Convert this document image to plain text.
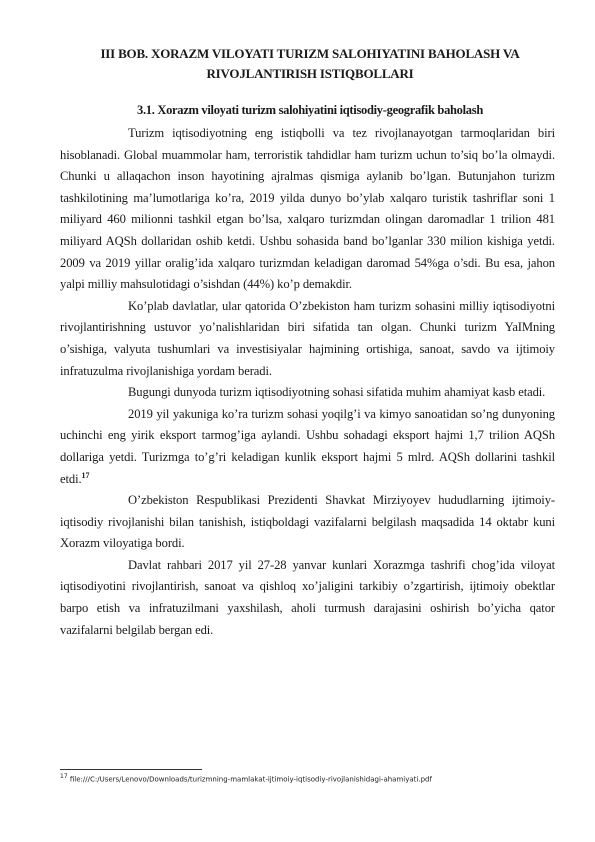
III BOB. XORAZM VILOYATI TURIZM SALOHIYATINI BAHOLASH VA RIVOJLANTIRISH ISTIQBOLLARI
3.1. Xorazm viloyati turizm salohiyatini iqtisodiy-geografik baholash

Turizm iqtisodiyotning eng istiqbolli va tez rivojlanayotgan tarmoqlaridan biri hisoblanadi. Global muammolar ham, terroristik tahdidlar ham turizm uchun to’siq bo’la olmaydi. Chunki u allaqachon inson hayotining ajralmas qismiga aylanib bo’lgan. Butunjahon turizm tashkilotining ma’lumotlariga ko’ra, 2019 yilda dunyo bo’ylab xalqaro turistik tashriflar soni 1 miliyard 460 milionni tashkil etgan bo’lsa, xalqaro turizmdan olingan daromadlar 1 trilion 481 miliyard AQSh dollaridan oshib ketdi. Ushbu sohasida band bo’lganlar 330 milion kishiga yetdi. 2009 va 2019 yillar oralig’ida xalqaro turizmdan keladigan daromad 54%ga o’sdi. Bu esa, jahon yalpi milliy mahsulotidagi o’sishdan (44%) ko’p demakdir.

Ko’plab davlatlar, ular qatorida O’zbekiston ham turizm sohasini milliy iqtisodiyotni rivojlantirishning ustuvor yo’nalishlaridan biri sifatida tan olgan. Chunki turizm YaIMning o’sishiga, valyuta tushumlari va investisiyalar hajmining ortishiga, sanoat, savdo va ijtimoiy infratuzulma rivojlanishiga yordam beradi.

Bugungi dunyoda turizm iqtisodiyotning sohasi sifatida muhim ahamiyat kasb etadi.

2019 yil yakuniga ko’ra turizm sohasi yoqilg’i va kimyo sanoatidan so’ng dunyoning uchinchi eng yirik eksport tarmog’iga aylandi. Ushbu sohadagi eksport hajmi 1,7 trilion AQSh dollariga yetdi. Turizmga to’g’ri keladigan kunlik eksport hajmi 5 mlrd. AQSh dollarini tashkil etdi.$^{17}$

O’zbekiston Respublikasi Prezidenti Shavkat Mirziyoyev hududlarning ijtimoiy-iqtisodiy rivojlanishi bilan tanishish, istiqboldagi vazifalarni belgilash maqsadida 14 oktabr kuni Xorazm viloyatiga bordi.

Davlat rahbari 2017 yil 27-28 yanvar kunlari Xorazmga tashrifi chog’ida viloyat iqtisodiyotini rivojlantirish, sanoat va qishloq xo’jaligini tarkibiy o’zgartirish, ijtimoiy obektlar barpo etish va infratuzilmani yaxshilash, aholi turmush darajasini oshirish bo’yicha qator vazifalarni belgilab bergan edi.

$^{17}$ file:///C:/Users/Lenovo/Downloads/turizmning-mamlakat-ijtimoiy-iqtisodiy-rivojlanishidagi-ahamiyati.pdf
